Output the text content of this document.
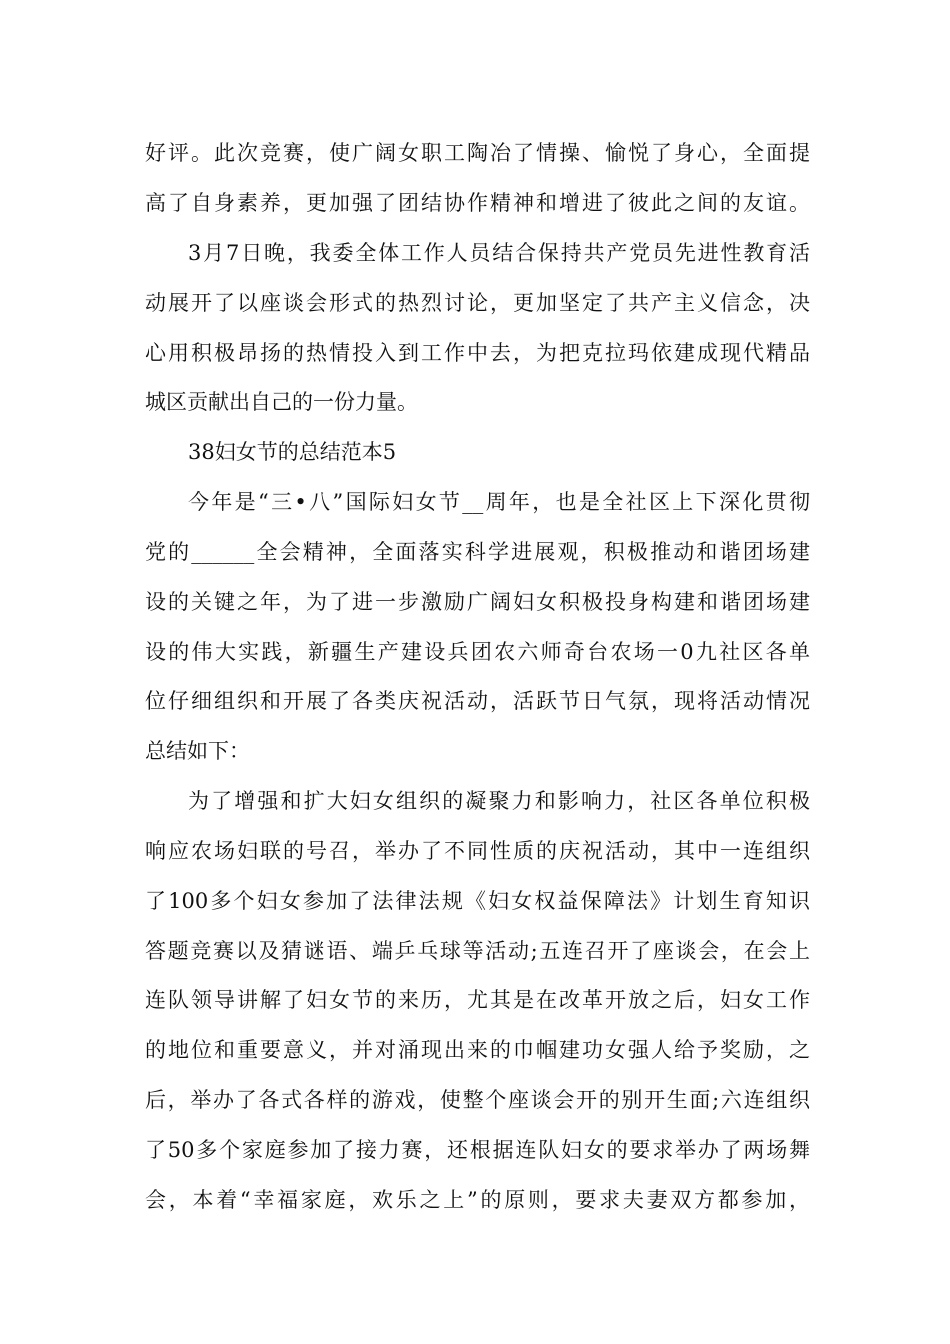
好评。此次竞赛，使广阔女职工陶冶了情操、愉悦了身心，全面提
高了自身素养，更加强了团结协作精神和增进了彼此之间的友谊。
3月7日晚，我委全体工作人员结合保持共产党员先进性教育活
动展开了以座谈会形式的热烈讨论，更加坚定了共产主义信念，决
心用积极昂扬的热情投入到工作中去，为把克拉玛依建成现代精品
城区贡献出自己的一份力量。
38妇女节的总结范本5
今年是“三•八”国际妇女节__周年，也是全社区上下深化贯彻
党的______全会精神，全面落实科学进展观，积极推动和谐团场建
设的关键之年，为了进一步激励广阔妇女积极投身构建和谐团场建
设的伟大实践，新疆生产建设兵团农六师奇台农场一0九社区各单
位仔细组织和开展了各类庆祝活动，活跃节日气氛，现将活动情况
总结如下：
为了增强和扩大妇女组织的凝聚力和影响力，社区各单位积极
响应农场妇联的号召，举办了不同性质的庆祝活动，其中一连组织
了100多个妇女参加了法律法规《妇女权益保障法》计划生育知识
答题竞赛以及猜谜语、端乒乓球等活动;五连召开了座谈会，在会上
连队领导讲解了妇女节的来历，尤其是在改革开放之后，妇女工作
的地位和重要意义，并对涌现出来的巾帼建功女强人给予奖励，之
后，举办了各式各样的游戏，使整个座谈会开的别开生面;六连组织
了50多个家庭参加了接力赛，还根据连队妇女的要求举办了两场舞
会，本着“幸福家庭，欢乐之上”的原则，要求夫妻双方都参加，
